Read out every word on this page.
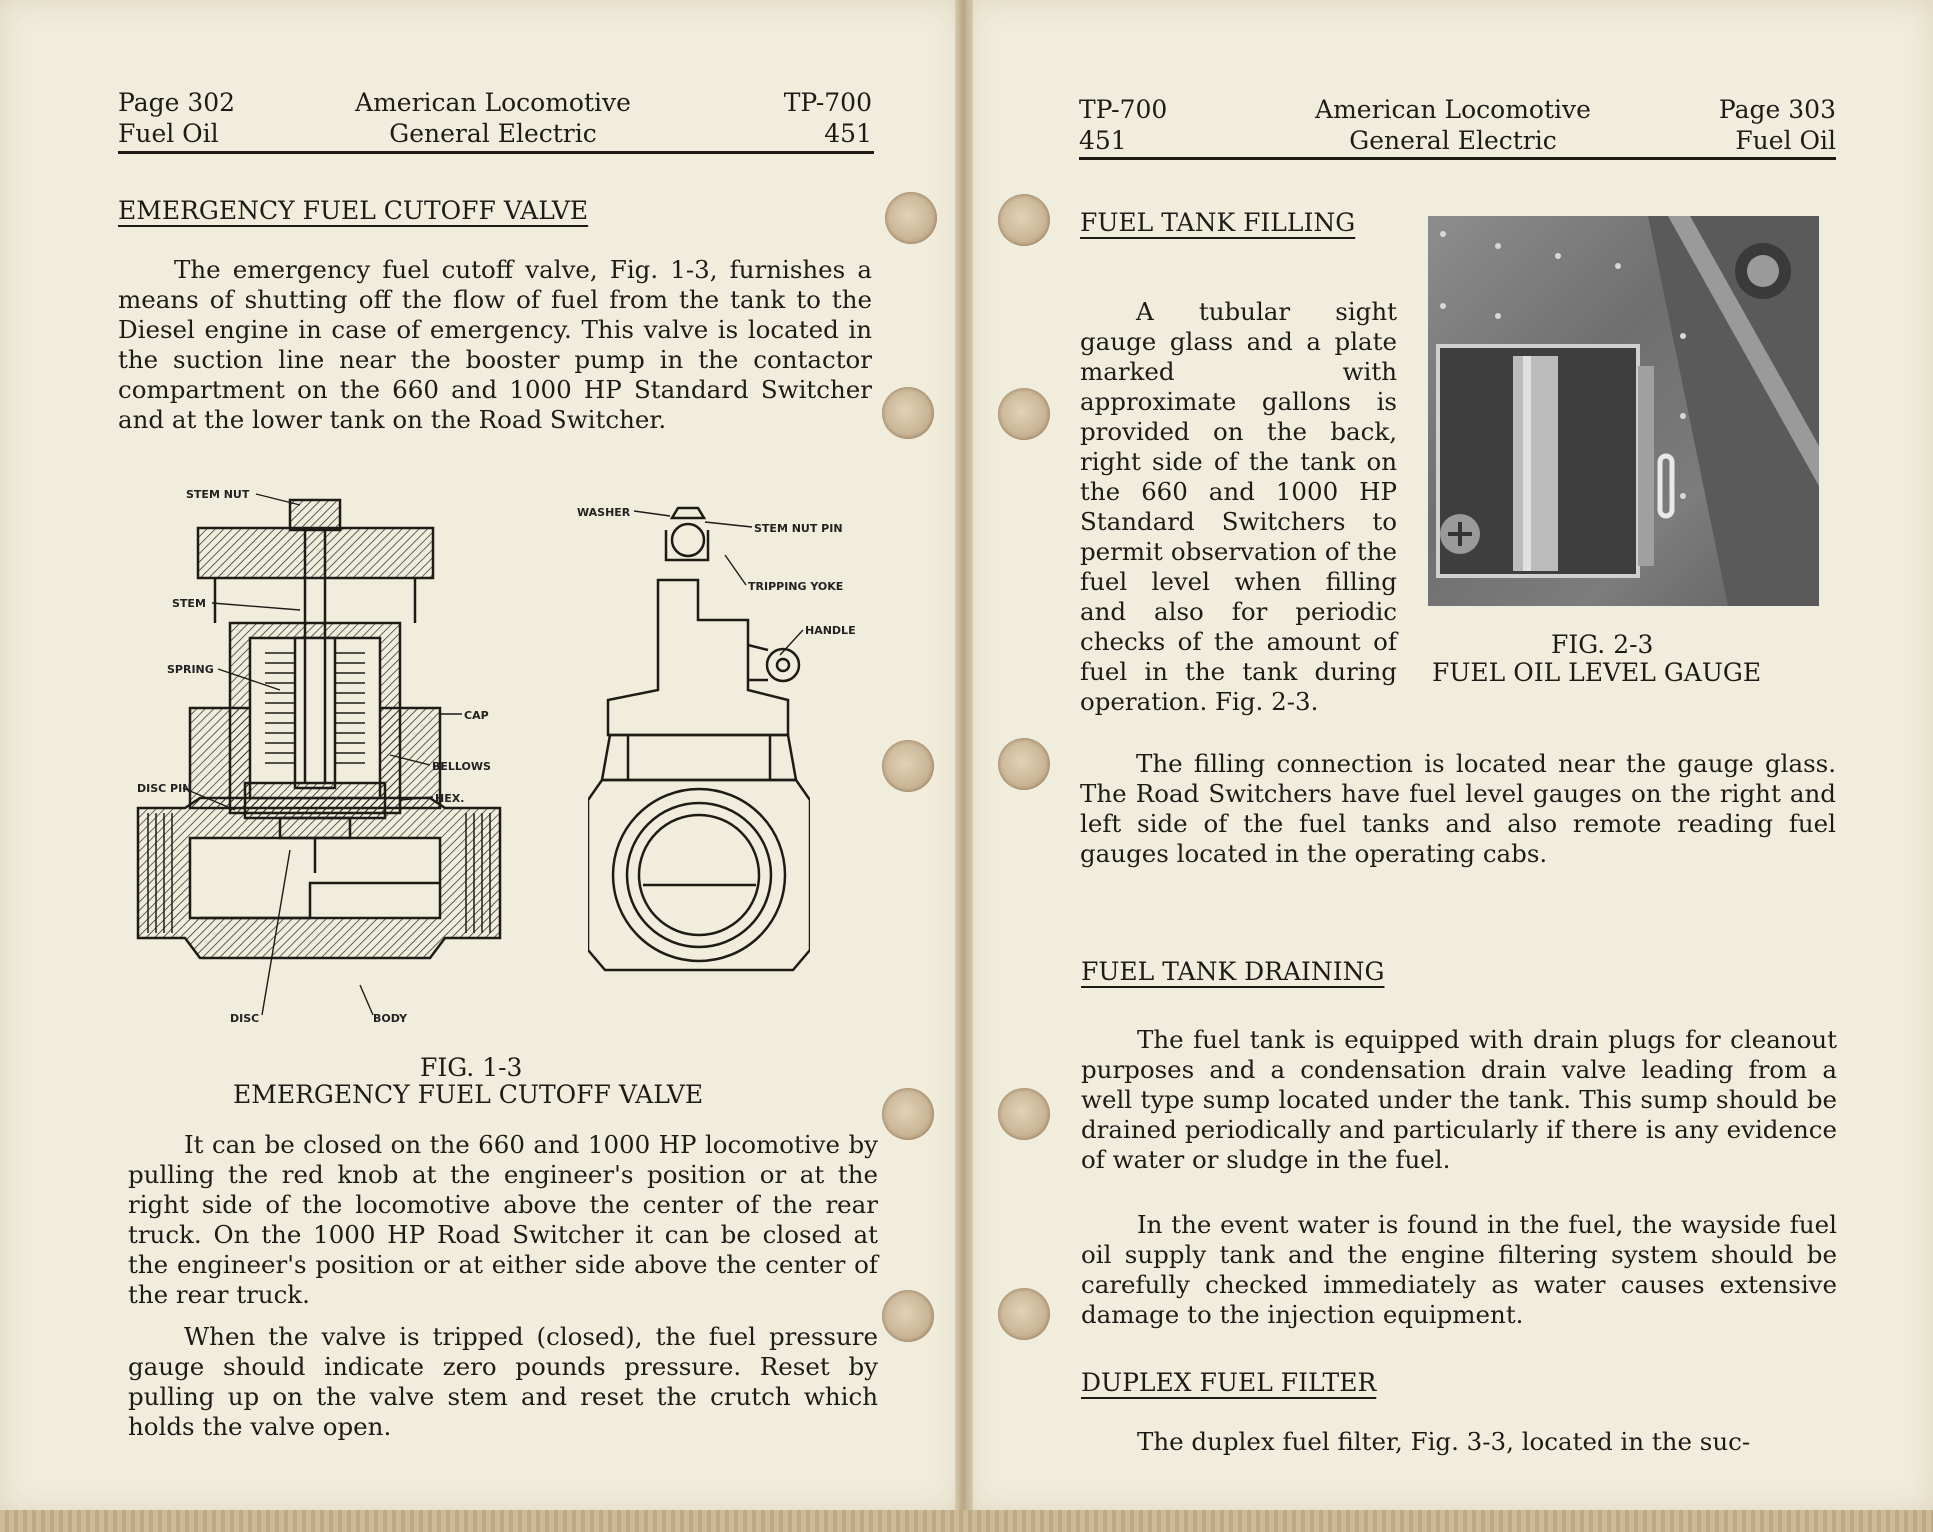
Page 302
Fuel Oil
American Locomotive
General Electric
TP-700
451
EMERGENCY FUEL CUTOFF VALVE

The emergency fuel cutoff valve, Fig. 1-3, furnishes a means of shutting off the flow of fuel from the tank to the Diesel engine in case of emergency. This valve is located in the suction line near the booster pump in the contactor compartment on the 660 and 1000 HP Standard Switcher and at the lower tank on the Road Switcher.

STEM NUT
STEM
SPRING
DISC PIN
DISC	BODY
CAP
BELLOWS
HEX.
WASHER
STEM NUT PIN
TRIPPING YOKE
HANDLE
FIG. 1-3
EMERGENCY FUEL CUTOFF VALVE

It can be closed on the 660 and 1000 HP locomotive by pulling the red knob at the engineer's position or at the right side of the locomotive above the center of the rear truck. On the 1000 HP Road Switcher it can be closed at the engineer's position or at either side above the center of the rear truck.

When the valve is tripped (closed), the fuel pressure gauge should indicate zero pounds pressure. Reset by pulling up on the valve stem and reset the crutch which holds the valve open.

TP-700
451
American Locomotive
General Electric
Page 303
Fuel Oil
FUEL TANK FILLING

A tubular sight gauge glass and a plate marked with approximate gallons is provided on the back, right side of the tank on the 660 and 1000 HP Standard Switchers to permit observation of the fuel level when filling and also for periodic checks of the amount of fuel in the tank during operation. Fig. 2-3.

FIG. 2-3
FUEL OIL LEVEL GAUGE

The filling connection is located near the gauge glass. The Road Switchers have fuel level gauges on the right and left side of the fuel tanks and also remote reading fuel gauges located in the operating cabs.

FUEL TANK DRAINING

The fuel tank is equipped with drain plugs for cleanout purposes and a condensation drain valve leading from a well type sump located under the tank. This sump should be drained periodically and particularly if there is any evidence of water or sludge in the fuel.

In the event water is found in the fuel, the wayside fuel oil supply tank and the engine filtering system should be carefully checked immediately as water causes extensive damage to the injection equipment.

DUPLEX FUEL FILTER

The duplex fuel filter, Fig. 3-3, located in the suc-
